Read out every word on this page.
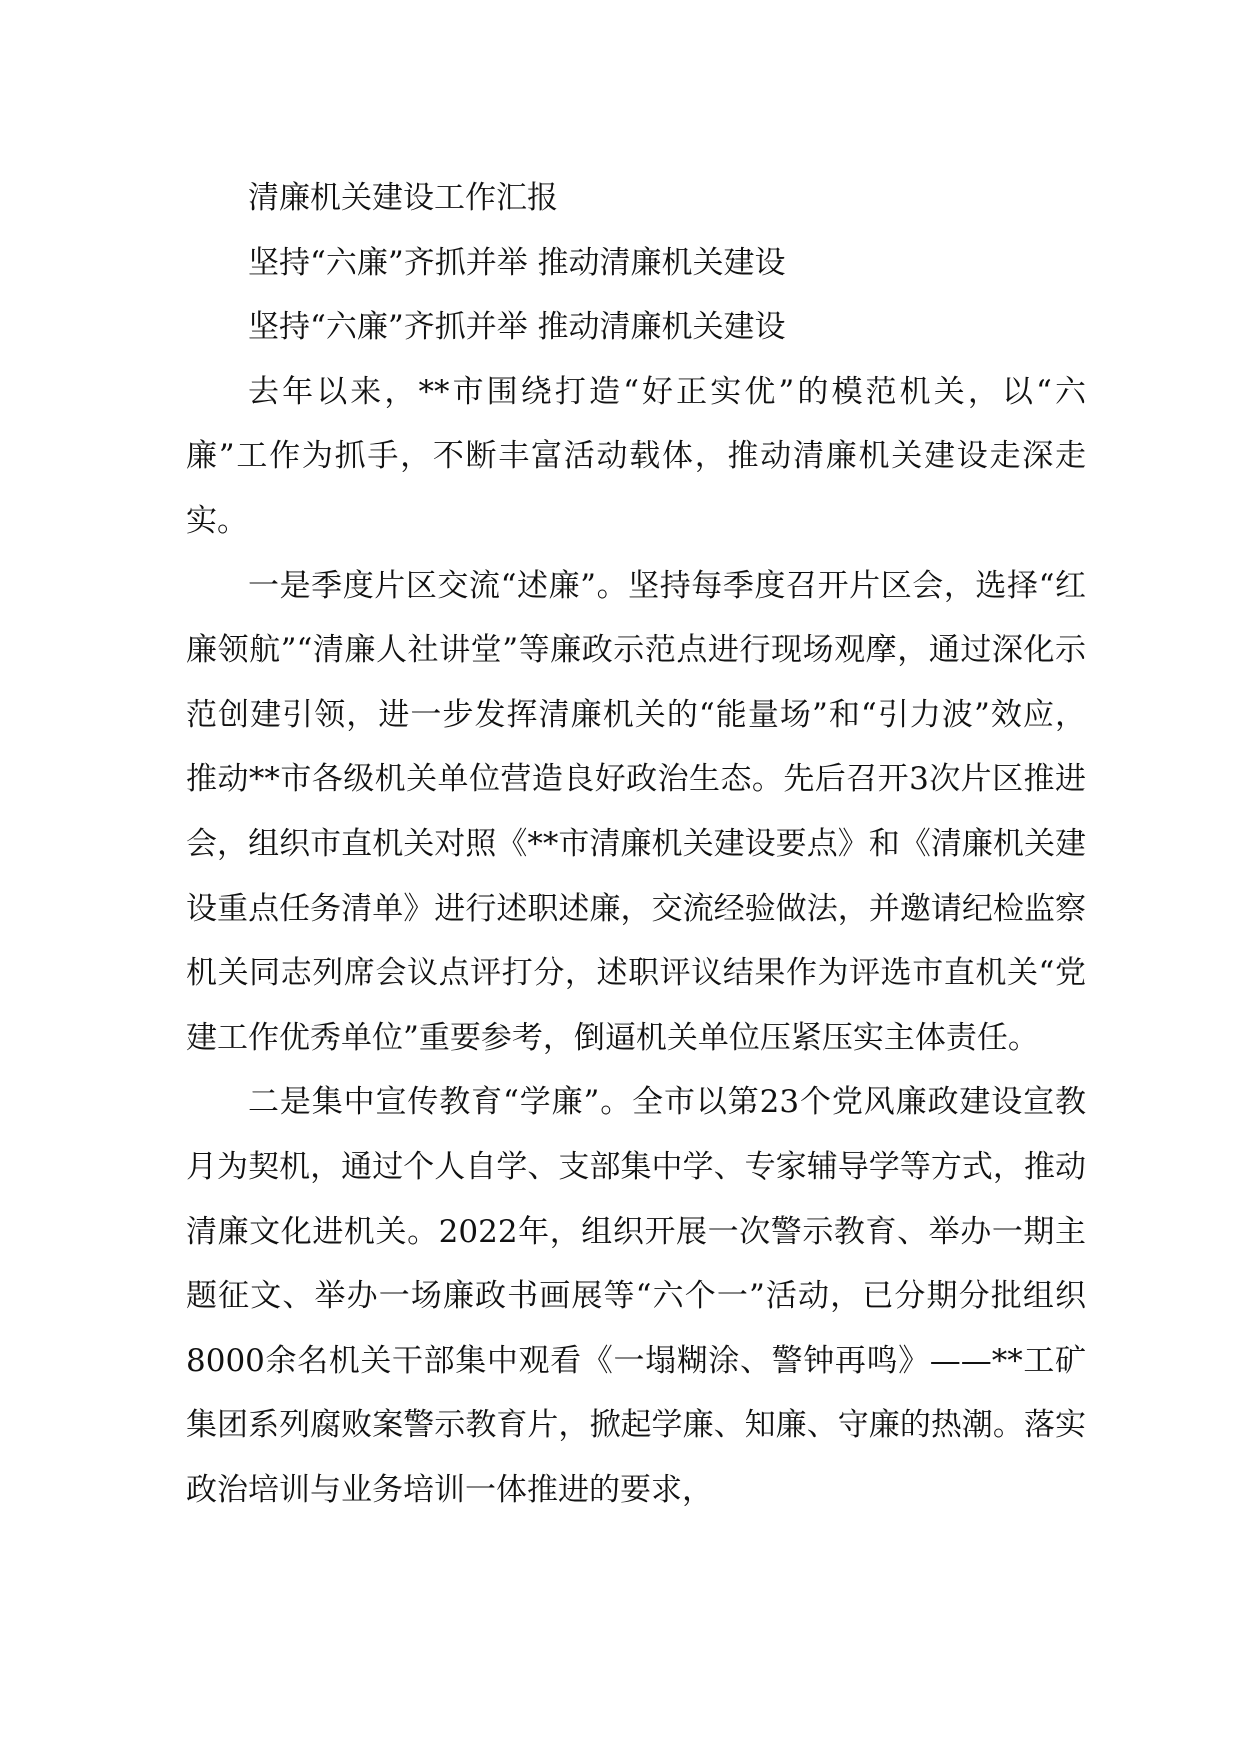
清廉机关建设工作汇报

坚持“六廉”齐抓并举 推动清廉机关建设

坚持“六廉”齐抓并举 推动清廉机关建设

去年以来，**市围绕打造“好正实优”的模范机关，以“六廉”工作为抓手，不断丰富活动载体，推动清廉机关建设走深走实。

一是季度片区交流“述廉”。坚持每季度召开片区会，选择“红廉领航”“清廉人社讲堂”等廉政示范点进行现场观摩，通过深化示范创建引领，进一步发挥清廉机关的“能量场”和“引力波”效应，推动**市各级机关单位营造良好政治生态。先后召开3次片区推进会，组织市直机关对照《**市清廉机关建设要点》和《清廉机关建设重点任务清单》进行述职述廉，交流经验做法，并邀请纪检监察机关同志列席会议点评打分，述职评议结果作为评选市直机关“党建工作优秀单位”重要参考，倒逼机关单位压紧压实主体责任。

二是集中宣传教育“学廉”。全市以第23个党风廉政建设宣教月为契机，通过个人自学、支部集中学、专家辅导学等方式，推动清廉文化进机关。2022年，组织开展一次警示教育、举办一期主题征文、举办一场廉政书画展等“六个一”活动，已分期分批组织8000余名机关干部集中观看《一塌糊涂、警钟再鸣》——**工矿集团系列腐败案警示教育片，掀起学廉、知廉、守廉的热潮。落实政治培训与业务培训一体推进的要求，
